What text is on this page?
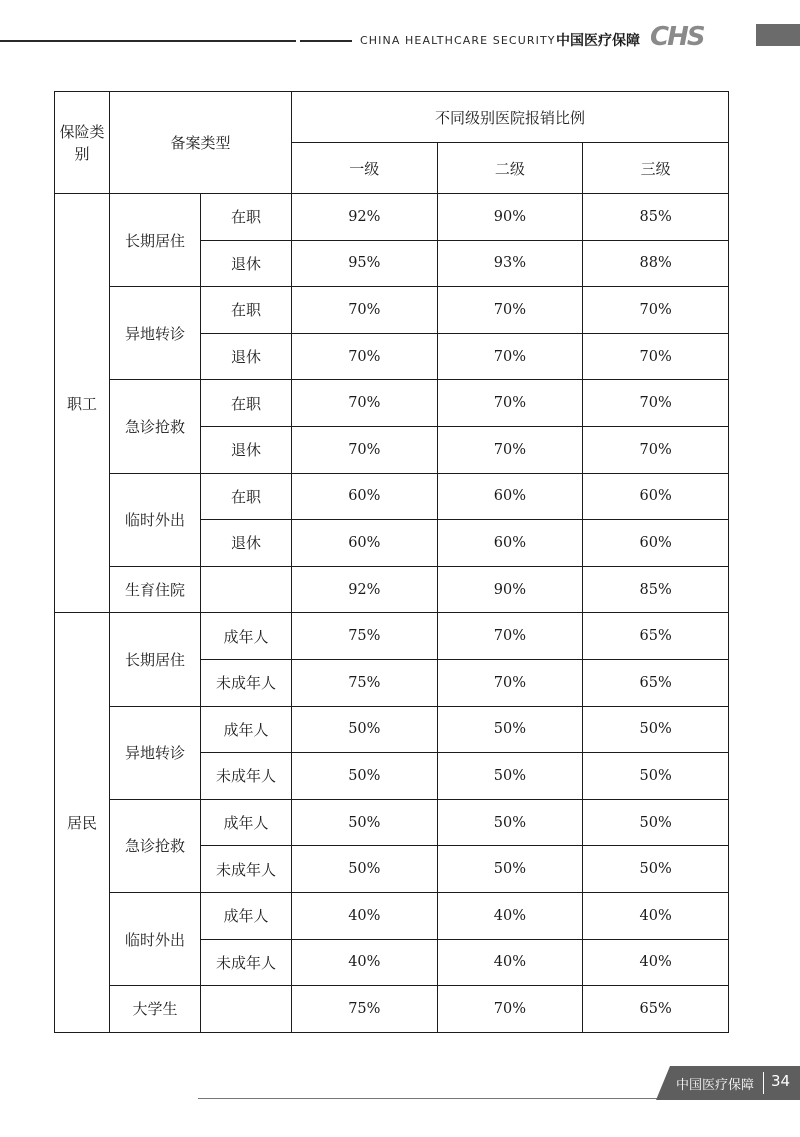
CHINA HEALTHCARE SECURITY 中国医疗保障 CHS
保险类别	备案类型		不同级别医院报销比例		
			一级	二级	三级
职工	长期居住	在职	92%	90%	85%
		退休	95%	93%	88%
	异地转诊	在职	70%	70%	70%
		退休	70%	70%	70%
	急诊抢救	在职	70%	70%	70%
		退休	70%	70%	70%
	临时外出	在职	60%	60%	60%
		退休	60%	60%	60%
	生育住院		92%	90%	85%
居民	长期居住	成年人	75%	70%	65%
		未成年人	75%	70%	65%
	异地转诊	成年人	50%	50%	50%
		未成年人	50%	50%	50%
	急诊抢救	成年人	50%	50%	50%
		未成年人	50%	50%	50%
	临时外出	成年人	40%	40%	40%
		未成年人	40%	40%	40%
	大学生		75%	70%	65%
中国医疗保障 34
